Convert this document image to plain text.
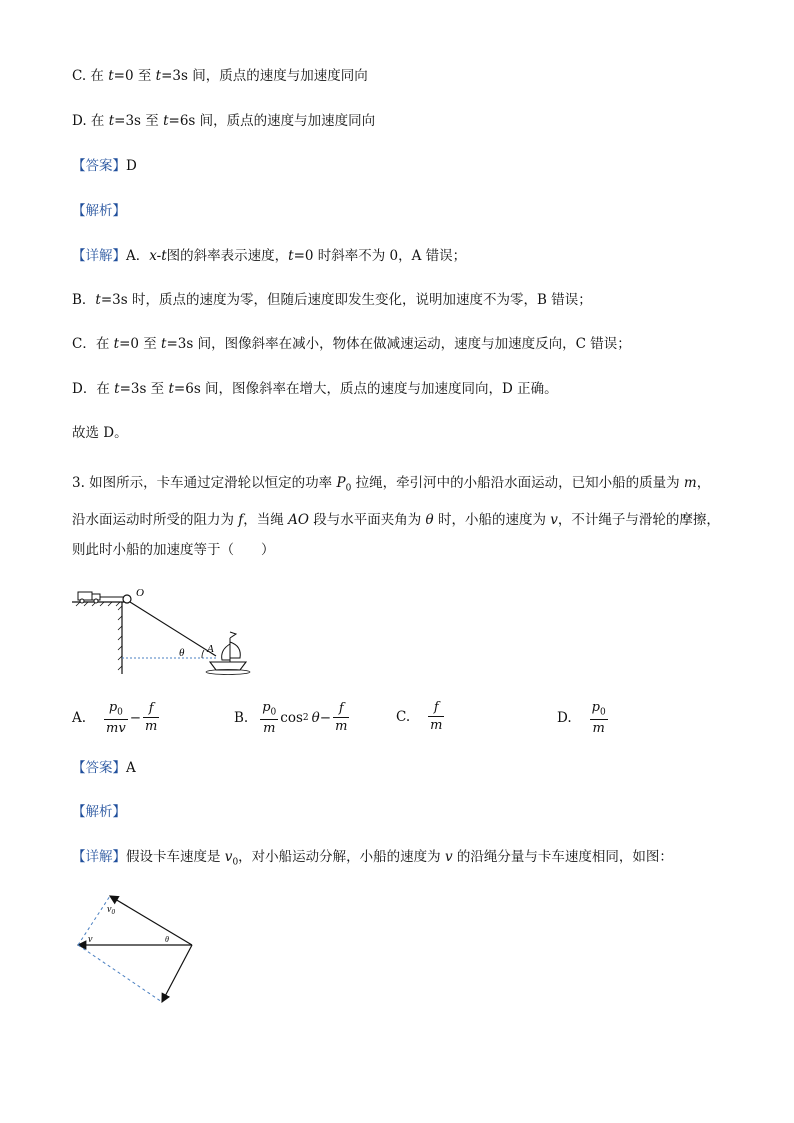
C. 在 t=0 至 t=3s 间，质点的速度与加速度同向
D. 在 t=3s 至 t=6s 间，质点的速度与加速度同向
【答案】D
【解析】
【详解】A．x-t图的斜率表示速度，t=0 时斜率不为 0，A 错误；
B．t=3s 时，质点的速度为零，但随后速度即发生变化，说明加速度不为零，B 错误；
C．在 t=0 至 t=3s 间，图像斜率在减小，物体在做减速运动，速度与加速度反向，C 错误；
D．在 t=3s 至 t=6s 间，图像斜率在增大，质点的速度与加速度同向，D 正确。
故选 D。
3. 如图所示，卡车通过定滑轮以恒定的功率 $P_0$ 拉绳，牵引河中的小船沿水面运动，已知小船的质量为 m，
沿水面运动时所受的阻力为 f，当绳 AO 段与水平面夹角为 θ 时，小船的速度为 v，不计绳子与滑轮的摩擦，
则此时小船的加速度等于（　　）
O
A
θ
A. $\frac{p_0}{mv} - \frac{f}{m}$	B. $\frac{p_0}{m}$ cos 2 $\theta - \frac{f}{m}$	C. $\frac{f}{m}$	D. $\frac{p_0}{m}$
【答案】A
【解析】
【详解】假设卡车速度是 $v_0$，对小船运动分解，小船的速度为 v 的沿绳分量与卡车速度相同，如图：
$v_0$
v	θ
